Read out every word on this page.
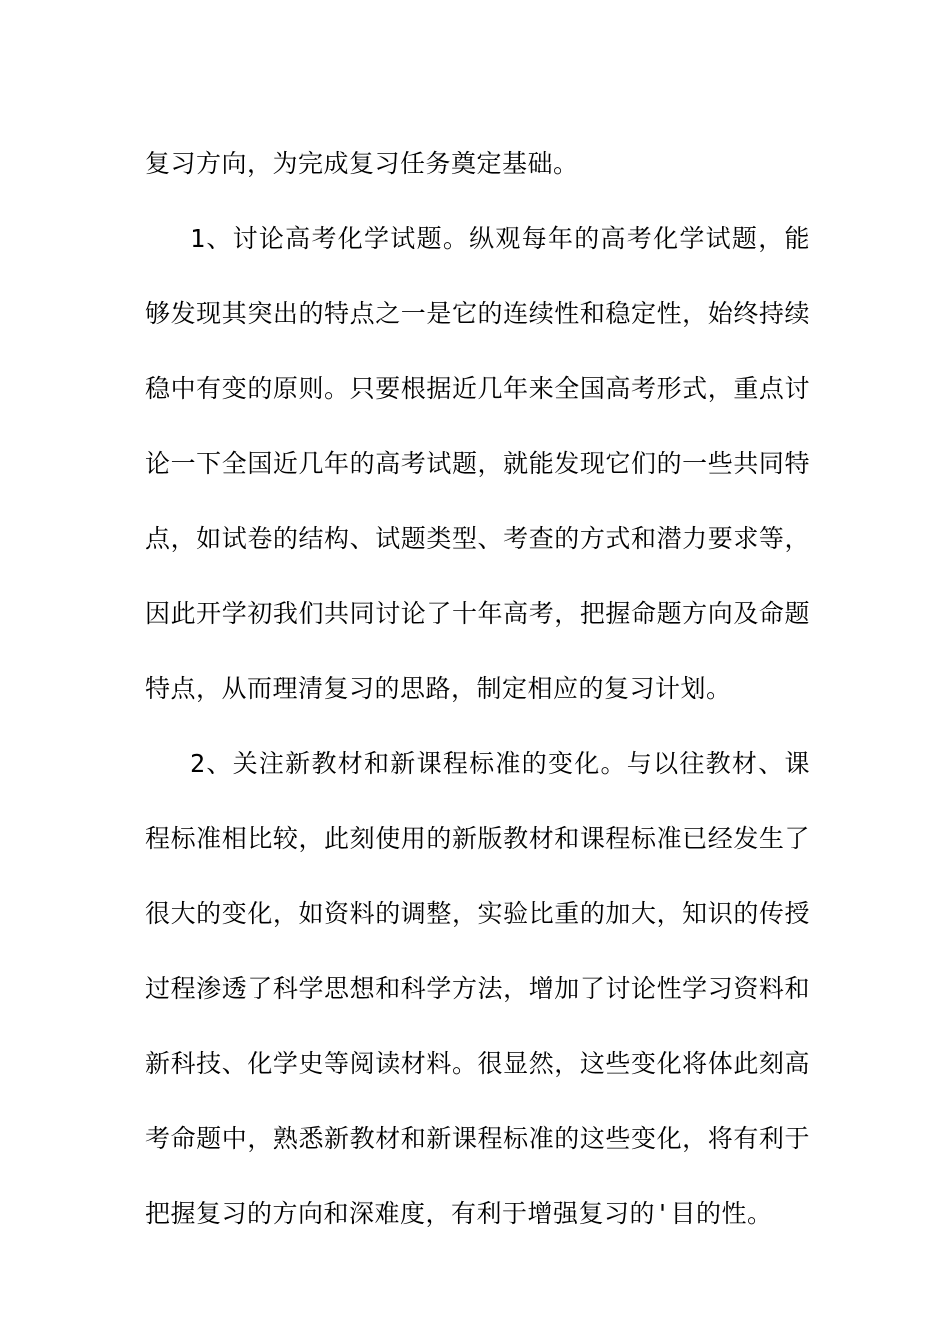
复习方向，为完成复习任务奠定基础。

1、讨论高考化学试题。纵观每年的高考化学试题，能够发现其突出的特点之一是它的连续性和稳定性，始终持续稳中有变的原则。只要根据近几年来全国高考形式，重点讨论一下全国近几年的高考试题，就能发现它们的一些共同特点，如试卷的结构、试题类型、考查的方式和潜力要求等，因此开学初我们共同讨论了十年高考，把握命题方向及命题特点，从而理清复习的思路，制定相应的复习计划。

2、关注新教材和新课程标准的变化。与以往教材、课程标准相比较，此刻使用的新版教材和课程标准已经发生了很大的变化，如资料的调整，实验比重的加大，知识的传授过程渗透了科学思想和科学方法，增加了讨论性学习资料和新科技、化学史等阅读材料。很显然，这些变化将体此刻高考命题中，熟悉新教材和新课程标准的这些变化，将有利于把握复习的方向和深难度，有利于增强复习的'目的性。
